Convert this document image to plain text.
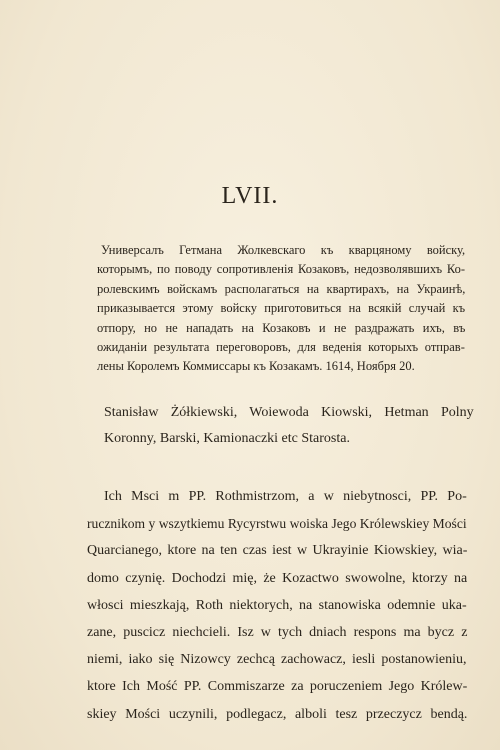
LVII.
Универсалъ Гетмана Жолкевскаго къ кварцяному войску,
которымъ, по поводу сопротивленія Козаковъ, недозволявшихъ Ко-
ролевскимъ войскамъ располагаться на квартирахъ, на Украинѣ,
приказывается этому войску приготовиться на всякій случай къ
отпору, но не нападать на Козаковъ и не раздражать ихъ, въ
ожиданіи результата переговоровъ, для веденія которыхъ отправ-
лены Королемъ Коммиссары къ Козакамъ. 1614, Ноября 20.
Stanisław Żółkiewski, Woiewoda Kiowski, Hetman Polny
Koronny, Barski, Kamionaczki etc Starosta.
Ich Msci m PP. Rothmistrzom, a w niebytnosci, PP. Po-
rucznikom y wszytkiemu Rycyrstwu woiska Jego Królewskiey Mości
Quarcianego, ktore na ten czas iest w Ukrayinie Kiowskiey, wia-
domo czynię. Dochodzi mię, że Kozactwo swowolne, ktorzy na
włosci mieszkają, Roth niektorych, na stanowiska odemnie uka-
zane, puscicz niechcieli. Isz w tych dniach respons ma bycz z
niemi, iako się Nizowcy zechcą zachowacz, iesli postanowieniu,
ktore Ich Mość PP. Commiszarze za poruczeniem Jego Królew-
skiey Mości uczynili, podlegacz, alboli tesz przeczycz bendą.
